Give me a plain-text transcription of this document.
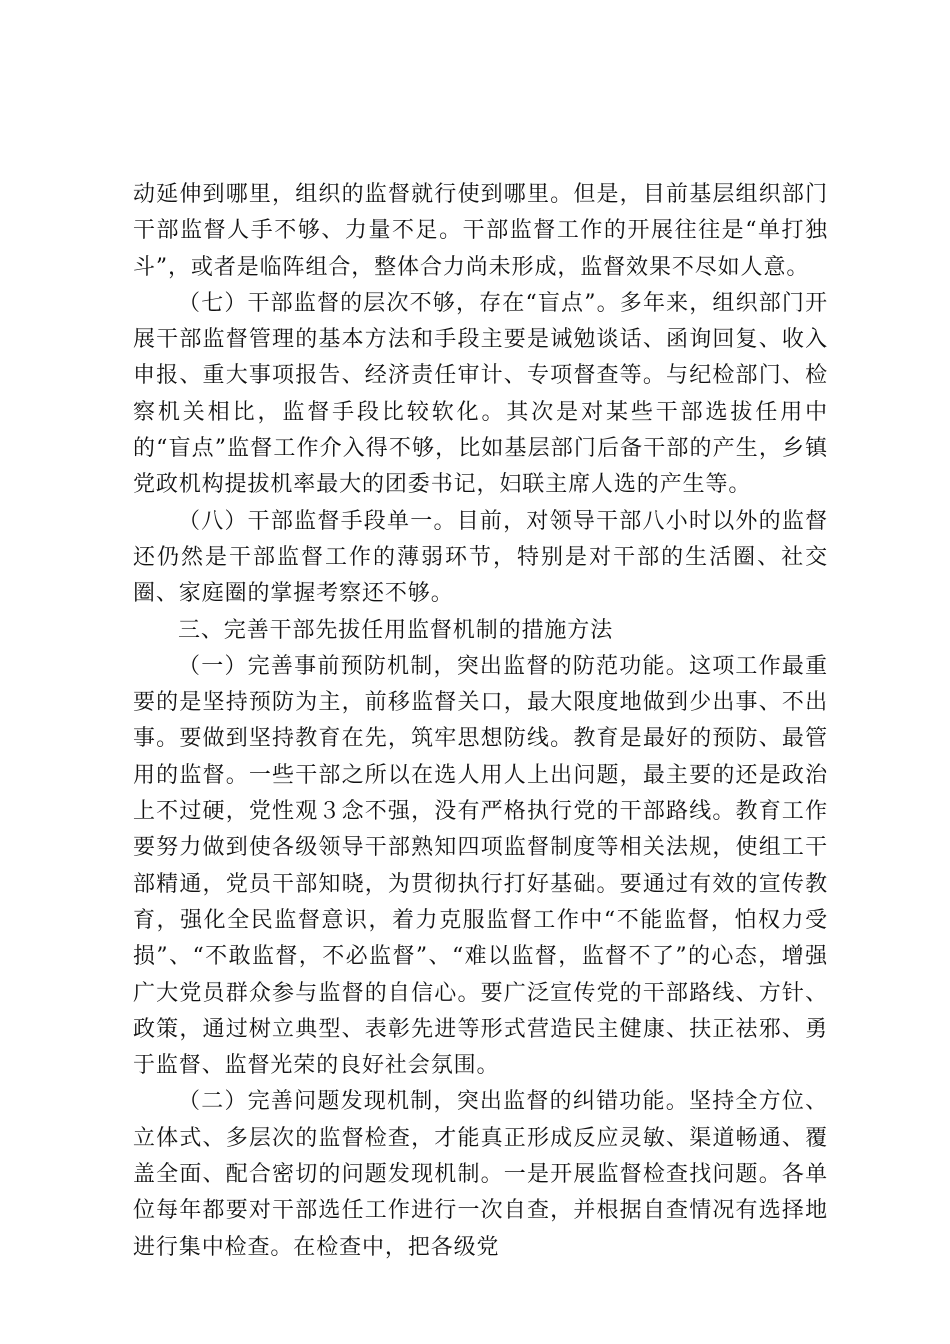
动延伸到哪里，组织的监督就行使到哪里。但是，目前基层组织部门干部监督人手不够、力量不足。干部监督工作的开展往往是“单打独斗”，或者是临阵组合，整体合力尚未形成，监督效果不尽如人意。

（七）干部监督的层次不够，存在“盲点”。多年来，组织部门开展干部监督管理的基本方法和手段主要是诫勉谈话、函询回复、收入申报、重大事项报告、经济责任审计、专项督查等。与纪检部门、检察机关相比，监督手段比较软化。其次是对某些干部选拔任用中的“盲点”监督工作介入得不够，比如基层部门后备干部的产生，乡镇党政机构提拔机率最大的团委书记，妇联主席人选的产生等。

（八）干部监督手段单一。目前，对领导干部八小时以外的监督还仍然是干部监督工作的薄弱环节，特别是对干部的生活圈、社交圈、家庭圈的掌握考察还不够。

三、完善干部先拔任用监督机制的措施方法

（一）完善事前预防机制，突出监督的防范功能。这项工作最重要的是坚持预防为主，前移监督关口，最大限度地做到少出事、不出事。要做到坚持教育在先，筑牢思想防线。教育是最好的预防、最管用的监督。一些干部之所以在选人用人上出问题，最主要的还是政治上不过硬，党性观３念不强，没有严格执行党的干部路线。教育工作要努力做到使各级领导干部熟知四项监督制度等相关法规，使组工干部精通，党员干部知晓，为贯彻执行打好基础。要通过有效的宣传教育，强化全民监督意识，着力克服监督工作中“不能监督，怕权力受损”、“不敢监督，不必监督”、“难以监督，监督不了”的心态，增强广大党员群众参与监督的自信心。要广泛宣传党的干部路线、方针、政策，通过树立典型、表彰先进等形式营造民主健康、扶正祛邪、勇于监督、监督光荣的良好社会氛围。

（二）完善问题发现机制，突出监督的纠错功能。坚持全方位、立体式、多层次的监督检查，才能真正形成反应灵敏、渠道畅通、覆盖全面、配合密切的问题发现机制。一是开展监督检查找问题。各单位每年都要对干部选任工作进行一次自查，并根据自查情况有选择地进行集中检查。在检查中，把各级党
